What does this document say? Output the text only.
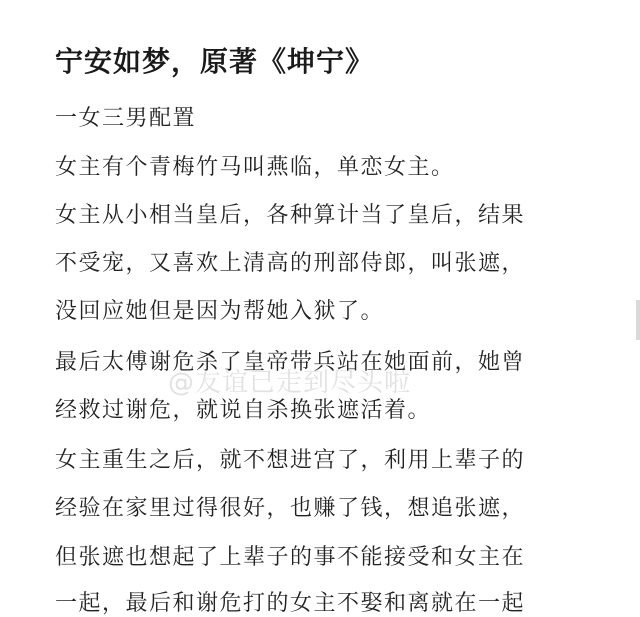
宁安如梦，原著《坤宁》
一女三男配置
女主有个青梅竹马叫燕临，单恋女主。
女主从小相当皇后，各种算计当了皇后，结果
不受宠，又喜欢上清高的刑部侍郎，叫张遮，
没回应她但是因为帮她入狱了。
最后太傅谢危杀了皇帝带兵站在她面前，她曾
经救过谢危，就说自杀换张遮活着。
女主重生之后，就不想进宫了，利用上辈子的
经验在家里过得很好，也赚了钱，想追张遮，
但张遮也想起了上辈子的事不能接受和女主在
一起，最后和谢危打的女主不娶和离就在一起
@友谊已走到尽头啦
